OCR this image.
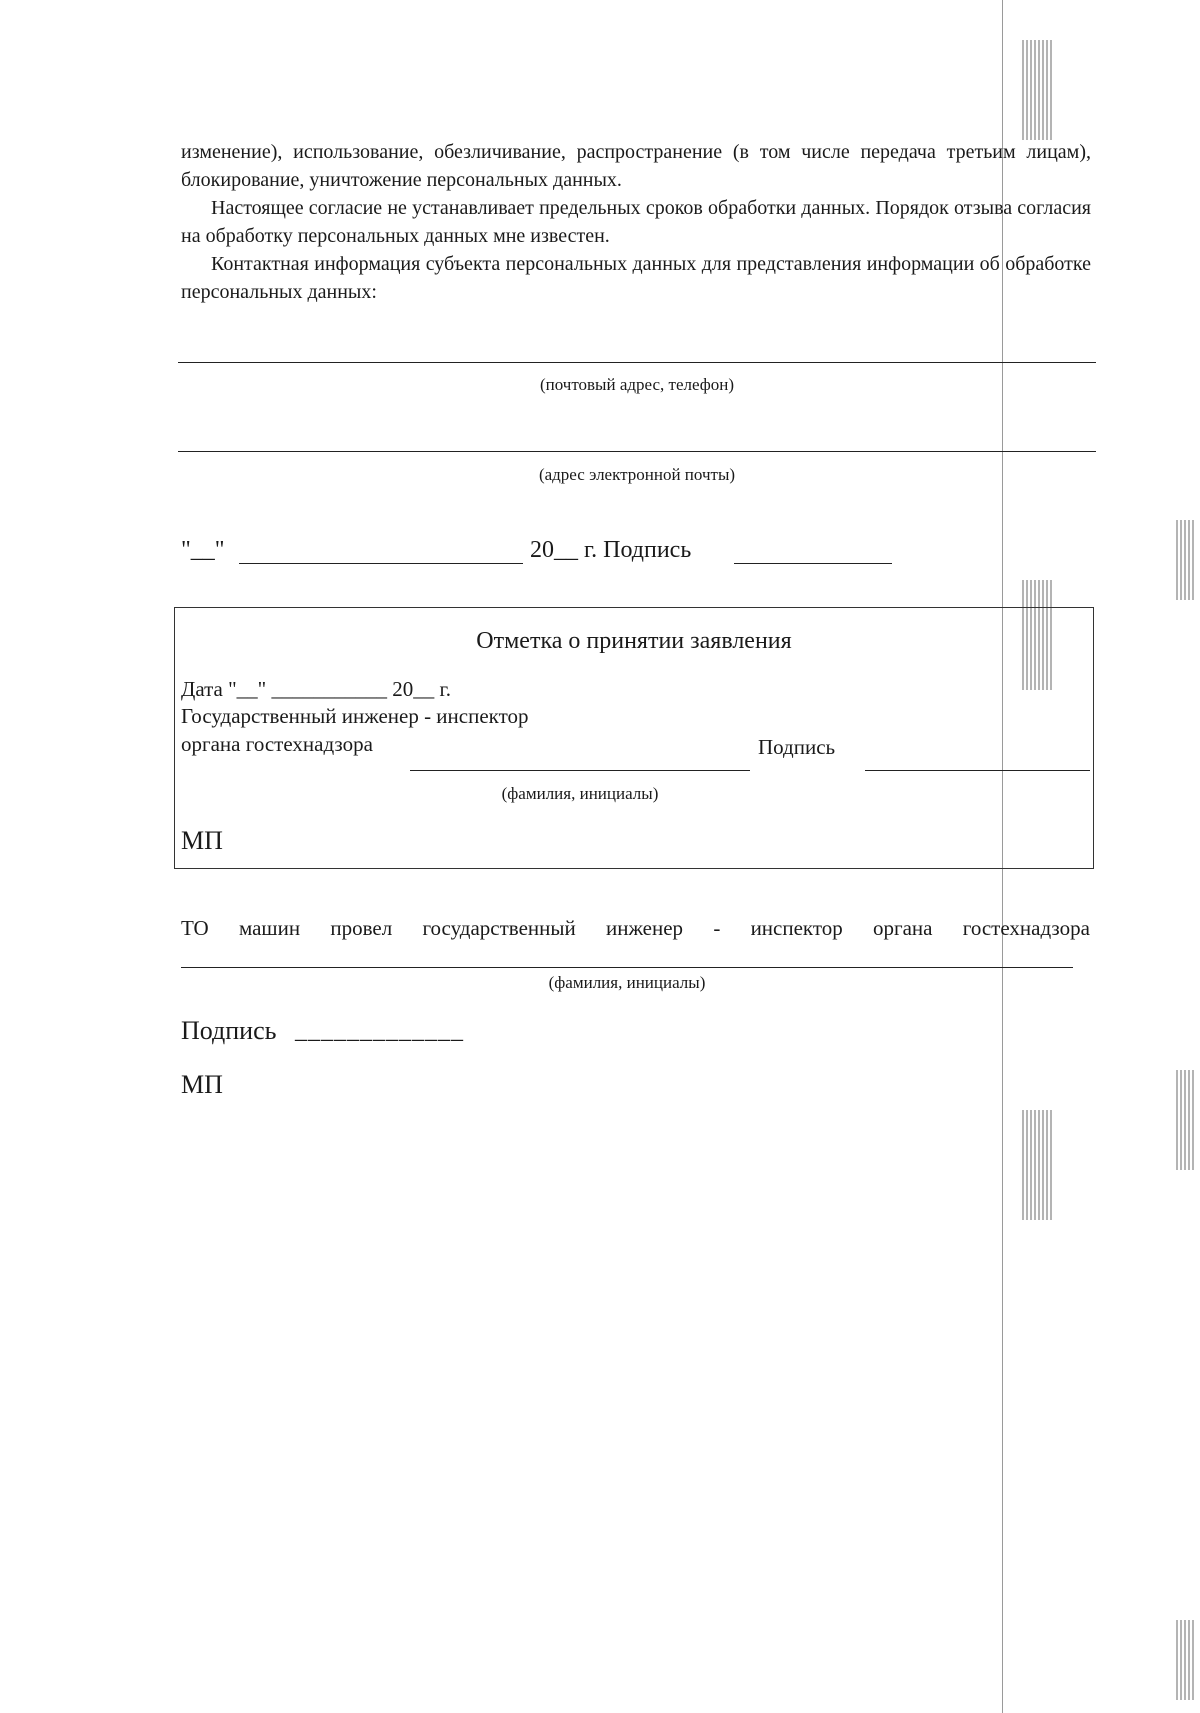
изменение), использование, обезличивание, распространение (в том числе передача третьим лицам), блокирование, уничтожение персональных данных.
Настоящее согласие не устанавливает предельных сроков обработки данных. Порядок отзыва согласия на обработку персональных данных мне известен.
Контактная информация субъекта персональных данных для представления информации об обработке персональных данных:
(почтовый адрес, телефон)
(адрес электронной почты)
"__"	20__ г. Подпись
Отметка о принятии заявления
Дата "__" ___________ 20__ г.
Государственный инженер - инспектор
органа гостехнадзора	Подпись
(фамилия, инициалы)
МП
ТО машин провел государственный инженер - инспектор органа гостехнадзора
(фамилия, инициалы)
Подпись _____________
МП
